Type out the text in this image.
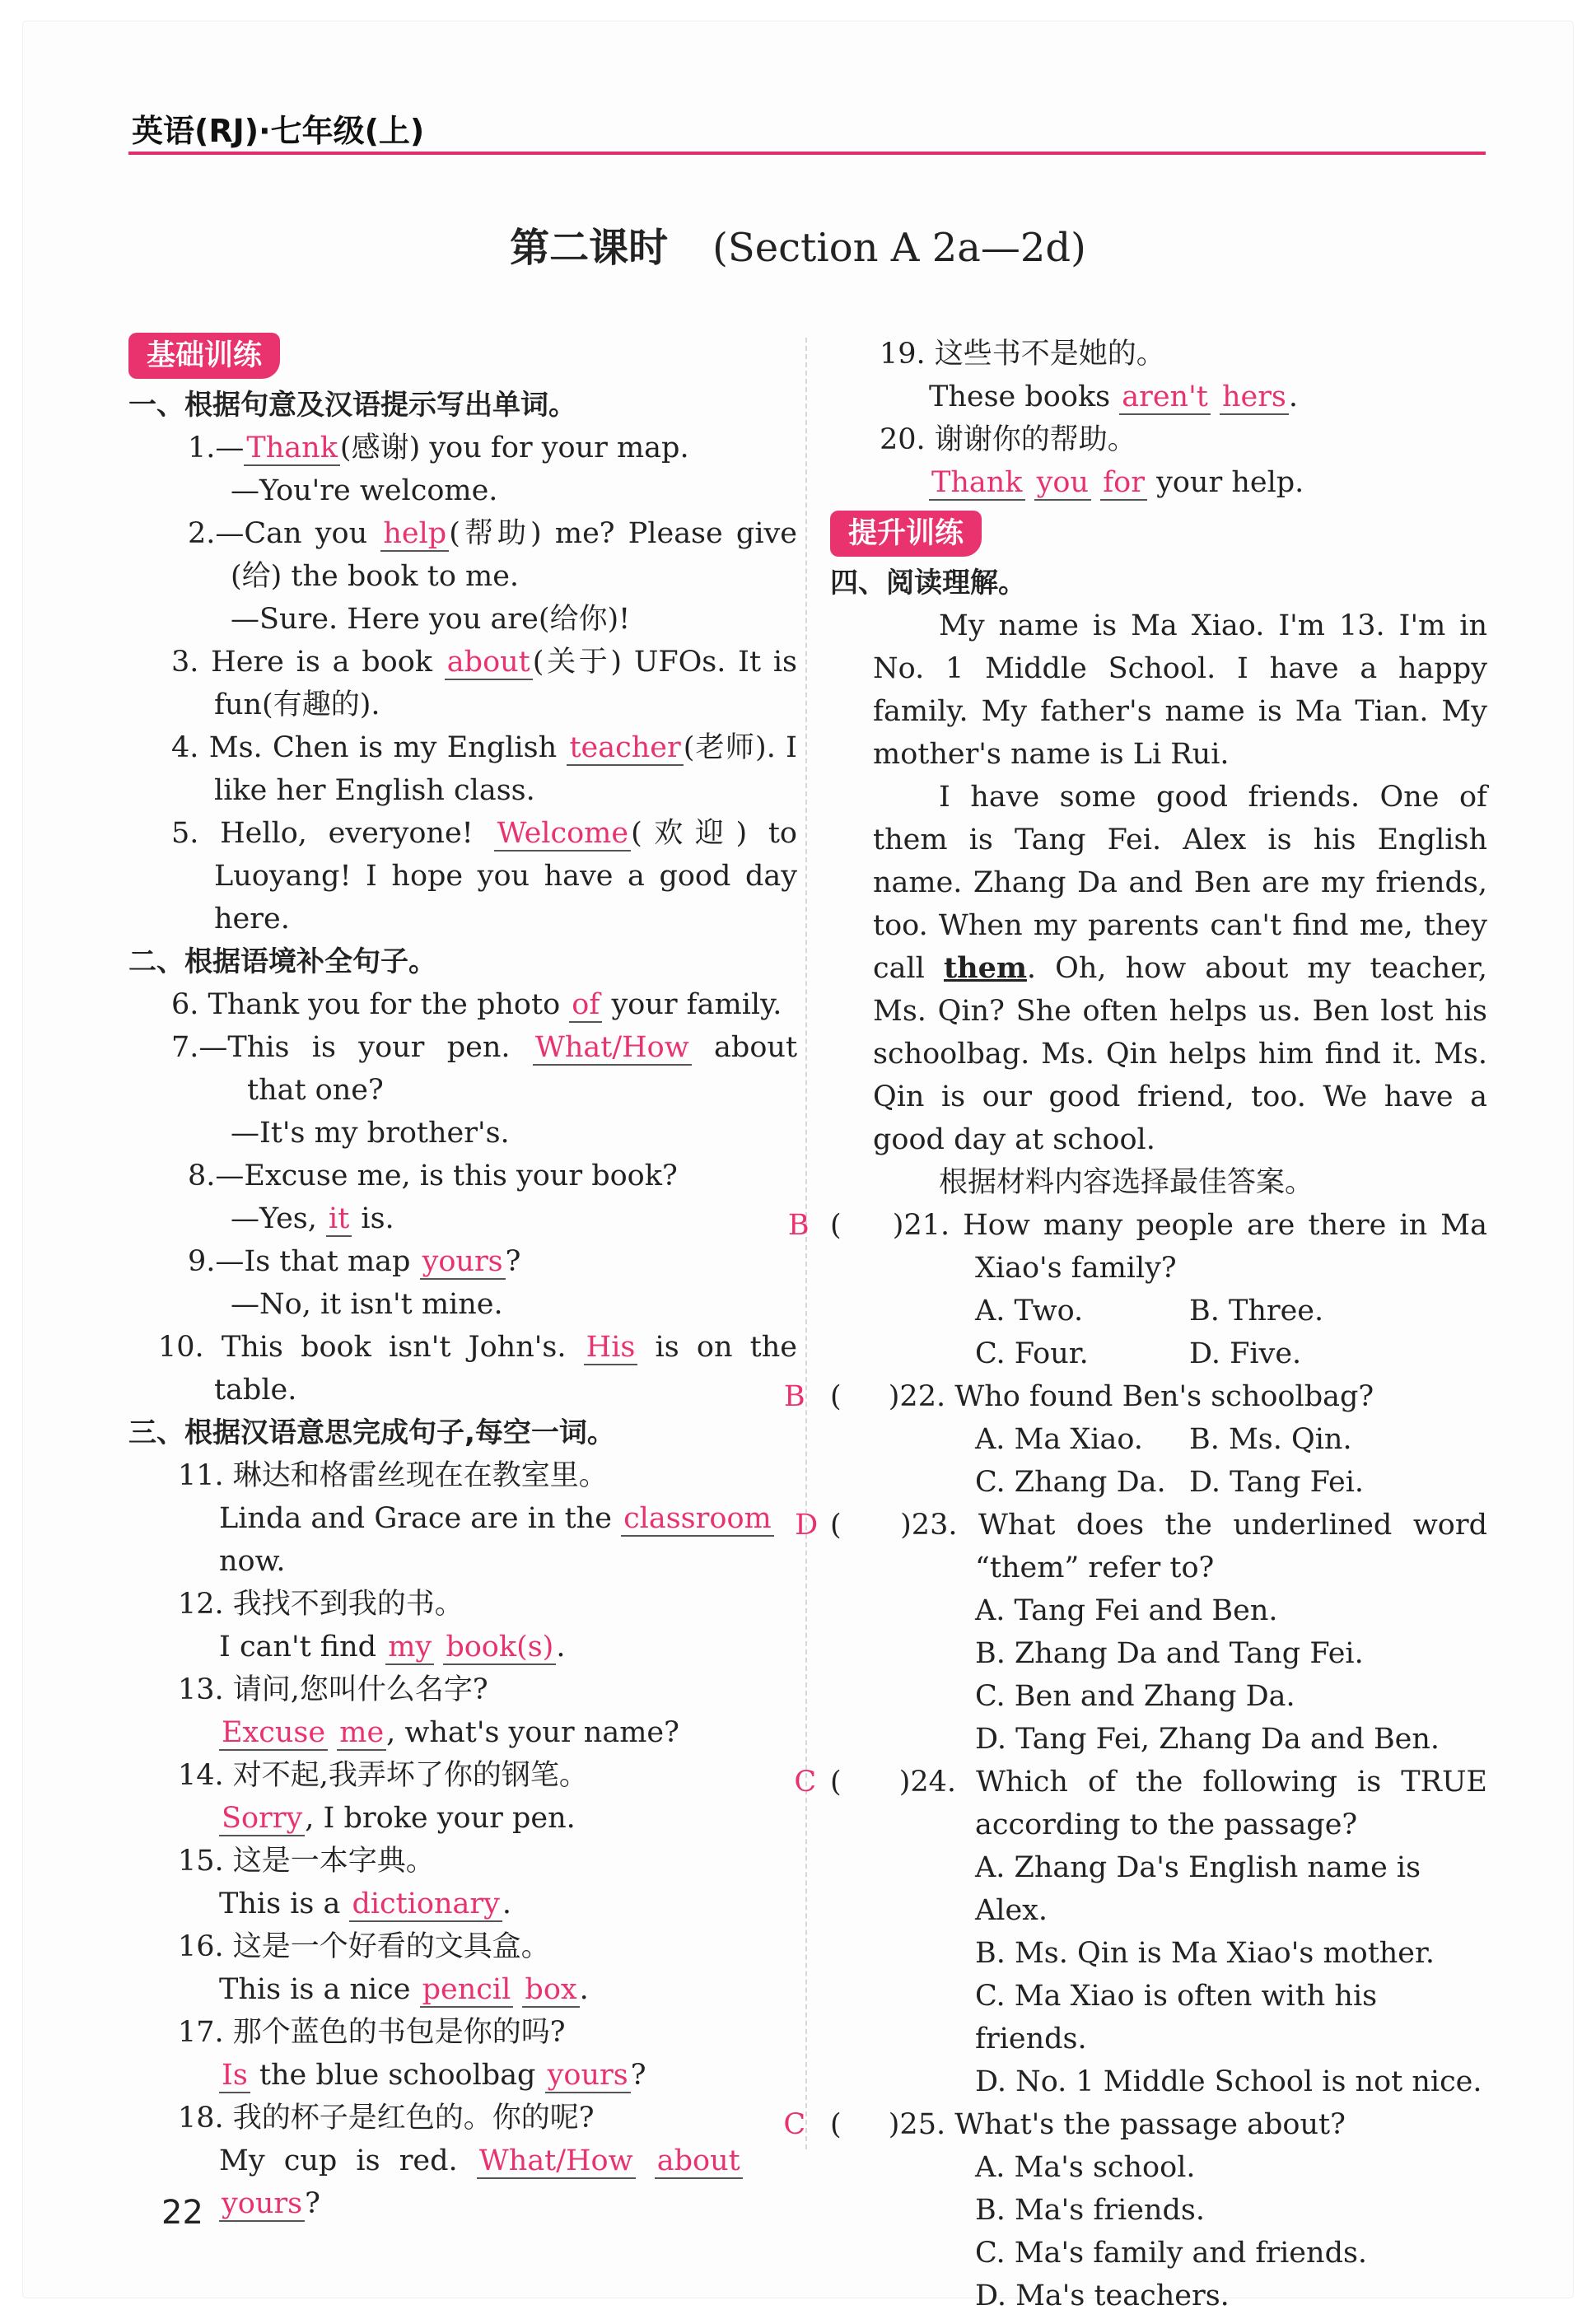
英语(RJ)·七年级(上)
第二课时 (Section A 2a—2d)
基础训练
一、根据句意及汉语提示写出单词。
1.—Thank(感谢) you for your map.
—You're welcome.
2.—Can you help(帮助) me? Please give (给) the book to me.
—Sure. Here you are(给你)!
3. Here is a book about(关于) UFOs. It is fun(有趣的).
4. Ms. Chen is my English teacher(老师). I like her English class.
5. Hello, everyone! Welcome(欢迎) to Luoyang! I hope you have a good day here.
二、根据语境补全句子。
6. Thank you for the photo of your family.
7.—This is your pen. What/How about that one?
—It's my brother's.
8.—Excuse me, is this your book?
—Yes, it is.
9.—Is that map yours?
—No, it isn't mine.
10. This book isn't John's. His is on the table.
三、根据汉语意思完成句子,每空一词。
11. 琳达和格雷丝现在在教室里。
Linda and Grace are in the classroom now.
12. 我找不到我的书。
I can't find my book(s).
13. 请问,您叫什么名字?
Excuse me, what's your name?
14. 对不起,我弄坏了你的钢笔。
Sorry, I broke your pen.
15. 这是一本字典。
This is a dictionary.
16. 这是一个好看的文具盒。
This is a nice pencil box.
17. 那个蓝色的书包是你的吗?
Is the blue schoolbag yours?
18. 我的杯子是红色的。你的呢?
My cup is red. What/How about
yours?
19. 这些书不是她的。
These books aren't hers.
20. 谢谢你的帮助。
Thank you for your help.
提升训练
四、阅读理解。
My name is Ma Xiao. I'm 13. I'm in No. 1 Middle School. I have a happy family. My father's name is Ma Tian. My mother's name is Li Rui.
I have some good friends. One of them is Tang Fei. Alex is his English name. Zhang Da and Ben are my friends, too. When my parents can't find me, they call them. Oh, how about my teacher, Ms. Qin? She often helps us. Ben lost his schoolbag. Ms. Qin helps him find it. Ms. Qin is our good friend, too. We have a good day at school.
根据材料内容选择最佳答案。
( B	)21. How many people are there in Ma Xiao's family?
A. Two.	B. Three.
C. Four.	D. Five.
( B	)22. Who found Ben's schoolbag?
A. Ma Xiao. B. Ms. Qin.
C. Zhang Da. D. Tang Fei.
( D	)23. What does the underlined word “them” refer to?
A. Tang Fei and Ben.
B. Zhang Da and Tang Fei.
C. Ben and Zhang Da.
D. Tang Fei, Zhang Da and Ben.
( C	)24. Which of the following is TRUE according to the passage?
A. Zhang Da's English name is Alex.
B. Ms. Qin is Ma Xiao's mother.
C. Ma Xiao is often with his friends.
D. No. 1 Middle School is not nice.
( C	)25. What's the passage about?
A. Ma's school.
B. Ma's friends.
C. Ma's family and friends.
D. Ma's teachers.
22
